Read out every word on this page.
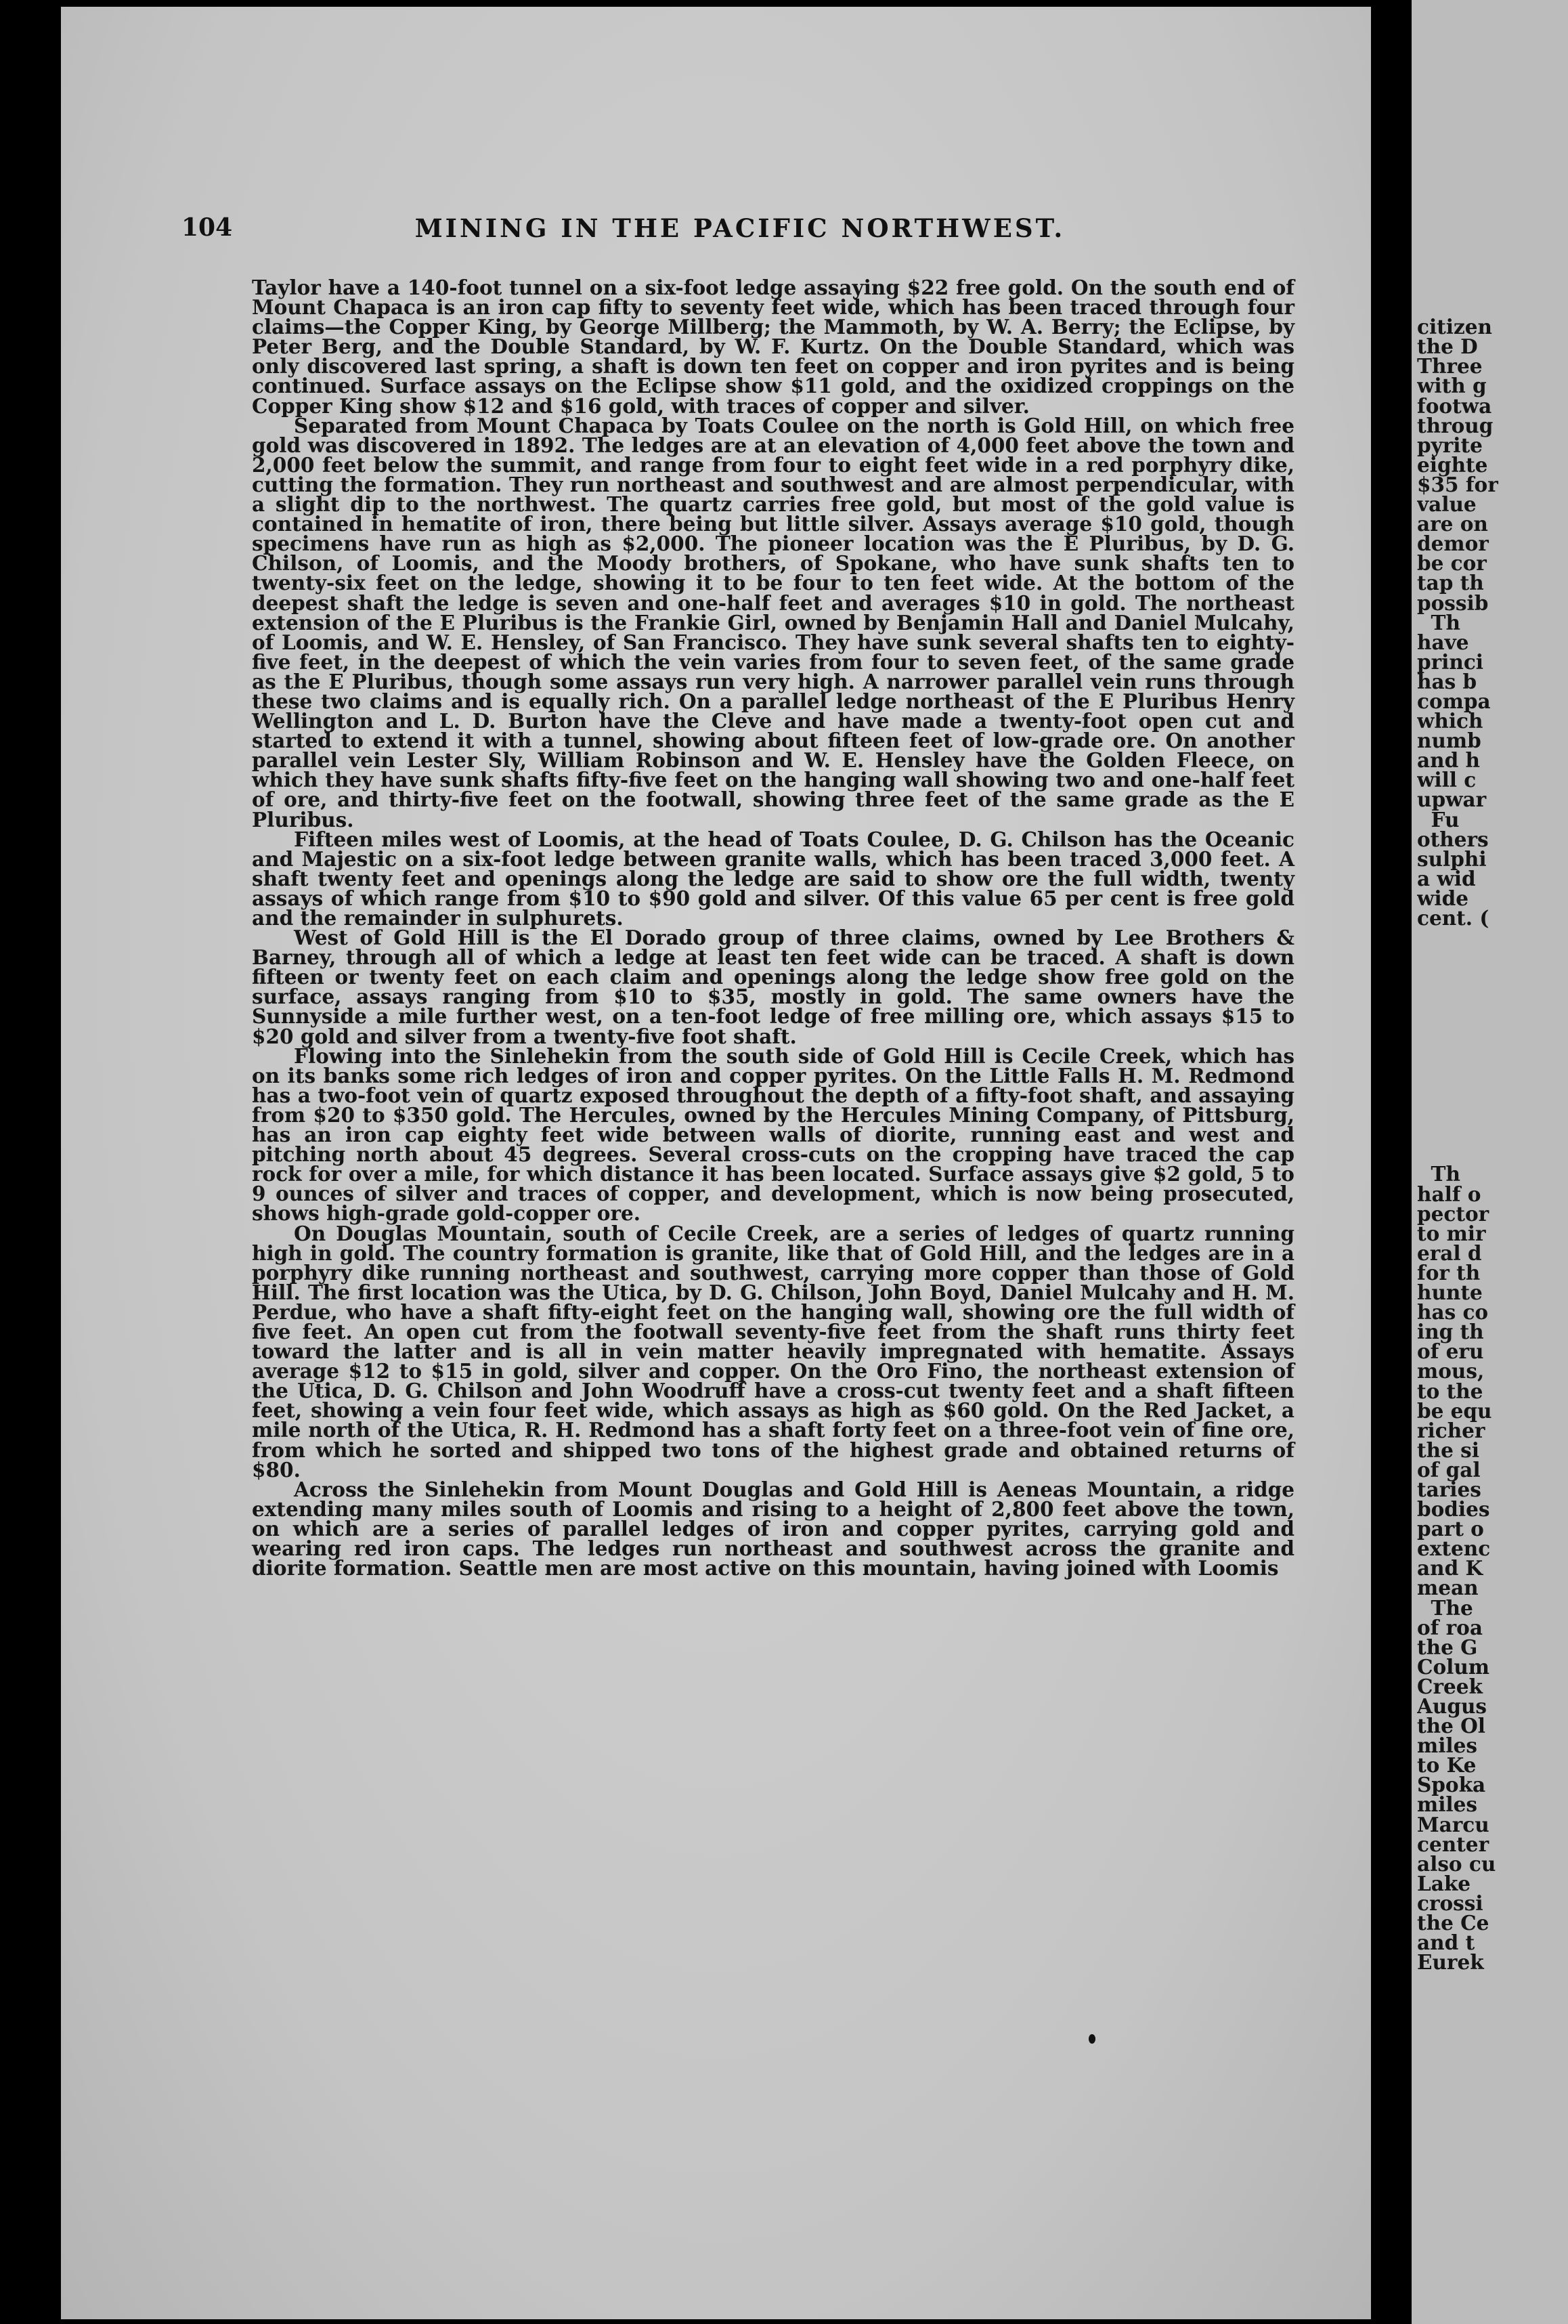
104	MINING IN THE PACIFIC NORTHWEST.

Taylor have a 140-foot tunnel on a six-foot ledge assaying $22 free gold. On the south end of Mount Chapaca is an iron cap fifty to seventy feet wide, which has been traced through four claims—the Copper King, by George Millberg; the Mammoth, by W. A. Berry; the Eclipse, by Peter Berg, and the Double Standard, by W. F. Kurtz. On the Double Standard, which was only discovered last spring, a shaft is down ten feet on copper and iron pyrites and is being continued. Surface assays on the Eclipse show $11 gold, and the oxidized croppings on the Copper King show $12 and $16 gold, with traces of copper and silver.

Separated from Mount Chapaca by Toats Coulee on the north is Gold Hill, on which free gold was discovered in 1892. The ledges are at an elevation of 4,000 feet above the town and 2,000 feet below the summit, and range from four to eight feet wide in a red porphyry dike, cutting the formation. They run northeast and southwest and are almost perpendicular, with a slight dip to the northwest. The quartz carries free gold, but most of the gold value is contained in hematite of iron, there being but little silver. Assays average $10 gold, though specimens have run as high as $2,000. The pioneer location was the E Pluribus, by D. G. Chilson, of Loomis, and the Moody brothers, of Spokane, who have sunk shafts ten to twenty-six feet on the ledge, showing it to be four to ten feet wide. At the bottom of the deepest shaft the ledge is seven and one-half feet and averages $10 in gold. The northeast extension of the E Pluribus is the Frankie Girl, owned by Benjamin Hall and Daniel Mulcahy, of Loomis, and W. E. Hensley, of San Francisco. They have sunk several shafts ten to eighty-five feet, in the deepest of which the vein varies from four to seven feet, of the same grade as the E Pluribus, though some assays run very high. A narrower parallel vein runs through these two claims and is equally rich. On a parallel ledge northeast of the E Pluribus Henry Wellington and L. D. Burton have the Cleve and have made a twenty-foot open cut and started to extend it with a tunnel, showing about fifteen feet of low-grade ore. On another parallel vein Lester Sly, William Robinson and W. E. Hensley have the Golden Fleece, on which they have sunk shafts fifty-five feet on the hanging wall showing two and one-half feet of ore, and thirty-five feet on the footwall, showing three feet of the same grade as the E Pluribus.

Fifteen miles west of Loomis, at the head of Toats Coulee, D. G. Chilson has the Oceanic and Majestic on a six-foot ledge between granite walls, which has been traced 3,000 feet. A shaft twenty feet and openings along the ledge are said to show ore the full width, twenty assays of which range from $10 to $90 gold and silver. Of this value 65 per cent is free gold and the remainder in sulphurets.

West of Gold Hill is the El Dorado group of three claims, owned by Lee Brothers & Barney, through all of which a ledge at least ten feet wide can be traced. A shaft is down fifteen or twenty feet on each claim and openings along the ledge show free gold on the surface, assays ranging from $10 to $35, mostly in gold. The same owners have the Sunnyside a mile further west, on a ten-foot ledge of free milling ore, which assays $15 to $20 gold and silver from a twenty-five foot shaft.

Flowing into the Sinlehekin from the south side of Gold Hill is Cecile Creek, which has on its banks some rich ledges of iron and copper pyrites. On the Little Falls H. M. Redmond has a two-foot vein of quartz exposed throughout the depth of a fifty-foot shaft, and assaying from $20 to $350 gold. The Hercules, owned by the Hercules Mining Company, of Pittsburg, has an iron cap eighty feet wide between walls of diorite, running east and west and pitching north about 45 degrees. Several cross-cuts on the cropping have traced the cap rock for over a mile, for which distance it has been located. Surface assays give $2 gold, 5 to 9 ounces of silver and traces of copper, and development, which is now being prosecuted, shows high-grade gold-copper ore.

On Douglas Mountain, south of Cecile Creek, are a series of ledges of quartz running high in gold. The country formation is granite, like that of Gold Hill, and the ledges are in a porphyry dike running northeast and southwest, carrying more copper than those of Gold Hill. The first location was the Utica, by D. G. Chilson, John Boyd, Daniel Mulcahy and H. M. Perdue, who have a shaft fifty-eight feet on the hanging wall, showing ore the full width of five feet. An open cut from the footwall seventy-five feet from the shaft runs thirty feet toward the latter and is all in vein matter heavily impregnated with hematite. Assays average $12 to $15 in gold, silver and copper. On the Oro Fino, the northeast extension of the Utica, D. G. Chilson and John Woodruff have a cross-cut twenty feet and a shaft fifteen feet, showing a vein four feet wide, which assays as high as $60 gold. On the Red Jacket, a mile north of the Utica, R. H. Redmond has a shaft forty feet on a three-foot vein of fine ore, from which he sorted and shipped two tons of the highest grade and obtained returns of $80.

Across the Sinlehekin from Mount Douglas and Gold Hill is Aeneas Mountain, a ridge extending many miles south of Loomis and rising to a height of 2,800 feet above the town, on which are a series of parallel ledges of iron and copper pyrites, carrying gold and wearing red iron caps. The ledges run northeast and southwest across the granite and diorite formation. Seattle men are most active on this mountain, having joined with Loomis

citizen
the D
Three
with g
footwa
throug
pyrite
eighte
$35 for
value
are on
demor
be cor
tap th
possib
Th
have
princi
has b
compa
which
numb
and h
will c
upwar
Fu
others
sulphi
a wid
wide
cent. (

Th
half o
pector
to mir
eral d
for th
hunte
has co
ing th
of eru
mous,
to the
be equ
richer
the si
of gal
taries
bodies
part o
extenc
and K
mean
The
of roa
the G
Colum
Creek
Augus
the Ol
miles
to Ke
Spoka
miles
Marcu
center
also cu
Lake
crossi
the Ce
and t
Eurek
